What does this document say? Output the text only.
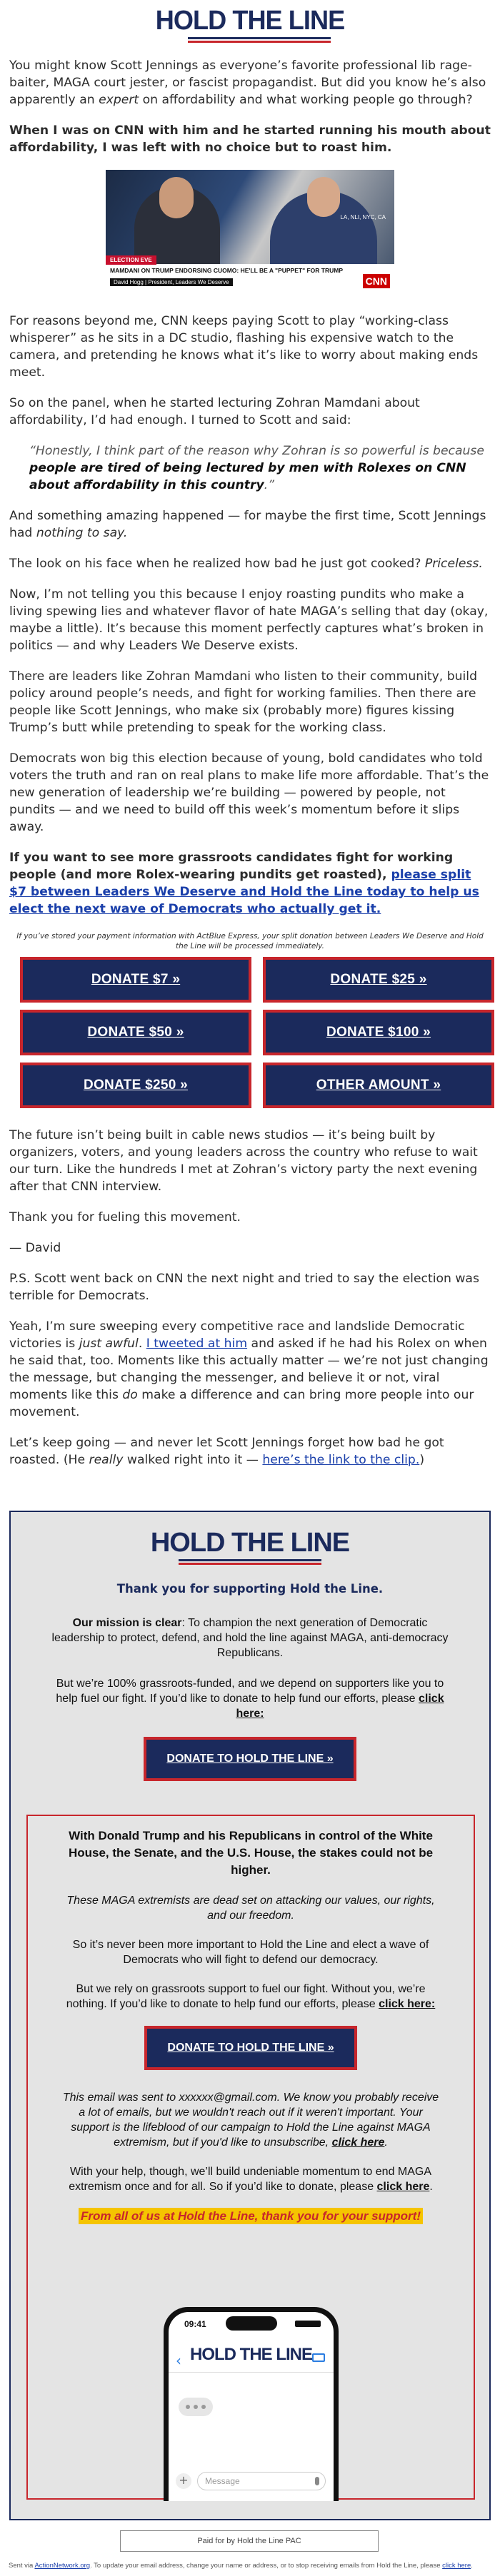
HOLD THE LINE

You might know Scott Jennings as everyone’s favorite professional lib rage-baiter, MAGA court jester, or fascist propagandist. But did you know he’s also apparently an expert on affordability and what working people go through?

When I was on CNN with him and he started running his mouth about affordability, I was left with no choice but to roast him.

LA, NLI, NYC, CA
ELECTION EVE
MAMDANI ON TRUMP ENDORSING CUOMO: HE'LL BE A "PUPPET" FOR TRUMP
David Hogg | President, Leaders We Deserve	CNN

For reasons beyond me, CNN keeps paying Scott to play “working-class whisperer” as he sits in a DC studio, flashing his expensive watch to the camera, and pretending he knows what it’s like to worry about making ends meet.

So on the panel, when he started lecturing Zohran Mamdani about affordability, I’d had enough. I turned to Scott and said:

“Honestly, I think part of the reason why Zohran is so powerful is because people are tired of being lectured by men with Rolexes on CNN about affordability in this country.”

And something amazing happened — for maybe the first time, Scott Jennings had nothing to say.

The look on his face when he realized how bad he just got cooked? Priceless.

Now, I’m not telling you this because I enjoy roasting pundits who make a living spewing lies and whatever flavor of hate MAGA’s selling that day (okay, maybe a little). It’s because this moment perfectly captures what’s broken in politics — and why Leaders We Deserve exists.

There are leaders like Zohran Mamdani who listen to their community, build policy around people’s needs, and fight for working families. Then there are people like Scott Jennings, who make six (probably more) figures kissing Trump’s butt while pretending to speak for the working class.

Democrats won big this election because of young, bold candidates who told voters the truth and ran on real plans to make life more affordable. That’s the new generation of leadership we’re building — powered by people, not pundits — and we need to build off this week’s momentum before it slips away.

If you want to see more grassroots candidates fight for working people (and more Rolex-wearing pundits get roasted), please split $7 between Leaders We Deserve and Hold the Line today to help us elect the next wave of Democrats who actually get it.

If you’ve stored your payment information with ActBlue Express, your split donation between Leaders We Deserve and Hold the Line will be processed immediately.

DONATE $7 »	DONATE $25 »
DONATE $50 »	DONATE $100 »
DONATE $250 »	OTHER AMOUNT »

The future isn’t being built in cable news studios — it’s being built by organizers, voters, and young leaders across the country who refuse to wait our turn. Like the hundreds I met at Zohran’s victory party the next evening after that CNN interview.

Thank you for fueling this movement.

— David

P.S. Scott went back on CNN the next night and tried to say the election was terrible for Democrats.

Yeah, I’m sure sweeping every competitive race and landslide Democratic victories is just awful. I tweeted at him and asked if he had his Rolex on when he said that, too. Moments like this actually matter — we’re not just changing the message, but changing the messenger, and believe it or not, viral moments like this do make a difference and can bring more people into our movement.

Let’s keep going — and never let Scott Jennings forget how bad he got roasted. (He really walked right into it — here’s the link to the clip.)

HOLD THE LINE
Thank you for supporting Hold the Line.

Our mission is clear: To champion the next generation of Democratic leadership to protect, defend, and hold the line against MAGA, anti-democracy Republicans.

But we’re 100% grassroots-funded, and we depend on supporters like you to help fuel our fight. If you’d like to donate to help fund our efforts, please click here:

DONATE TO HOLD THE LINE »

With Donald Trump and his Republicans in control of the White House, the Senate, and the U.S. House, the stakes could not be higher.

These MAGA extremists are dead set on attacking our values, our rights, and our freedom.

So it’s never been more important to Hold the Line and elect a wave of Democrats who will fight to defend our democracy.

But we rely on grassroots support to fuel our fight. Without you, we’re nothing. If you’d like to donate to help fund our efforts, please click here:

DONATE TO HOLD THE LINE »

This email was sent to xxxxxx@gmail.com. We know you probably receive a lot of emails, but we wouldn't reach out if it weren't important. Your support is the lifeblood of our campaign to Hold the Line against MAGA extremism, but if you'd like to unsubscribe, click here.

With your help, though, we’ll build undeniable momentum to end MAGA extremism once and for all. So if you’d like to donate, please click here.

From all of us at Hold the Line, thank you for your support!

09:41
‹ HOLD THE LINE
+	Message
Paid for by Hold the Line PAC
Sent via ActionNetwork.org. To update your email address, change your name or address, or to stop receiving emails from Hold the Line, please click here.
